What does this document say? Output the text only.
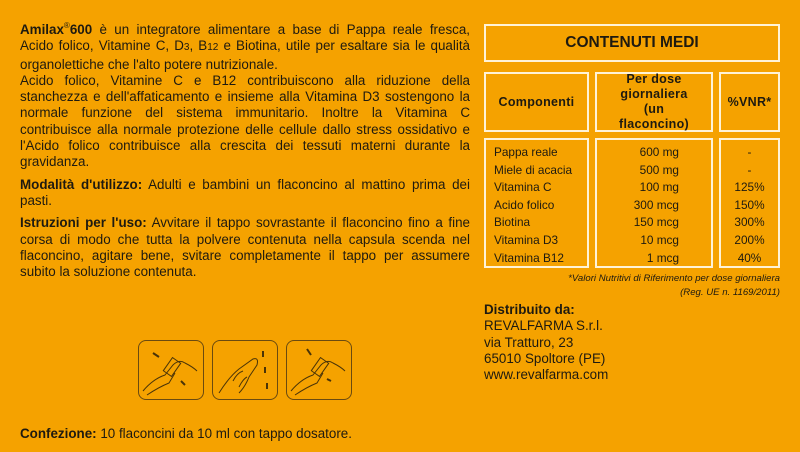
Amilax®600 è un integratore alimentare a base di Pappa reale fresca, Acido folico, Vitamine C, D3, B12 e Biotina, utile per esaltare sia le qualità organolettiche che l'alto potere nutrizionale.

Acido folico, Vitamine C e B12 contribuiscono alla riduzione della stanchezza e dell'affaticamento e insieme alla Vitamina D3 sostengono la normale funzione del sistema immunitario. Inoltre la Vitamina C contribuisce alla normale protezione delle cellule dallo stress ossidativo e l'Acido folico contribuisce alla crescita dei tessuti materni durante la gravidanza.

Modalità d'utilizzo: Adulti e bambini un flaconcino al mattino prima dei pasti.

Istruzioni per l'uso: Avvitare il tappo sovrastante il flaconcino fino a fine corsa di modo che tutta la polvere contenuta nella capsula scenda nel flaconcino, agitare bene, svitare completamente il tappo per assumere subito la soluzione contenuta.

CONTENUTI MEDI
Componenti
Per dose giornaliera (un flaconcino)
%VNR*
Pappa reale
Miele di acacia
Vitamina C
Acido folico
Biotina
Vitamina D3
Vitamina B12
600 mg
500 mg
100 mg
300 mcg
150 mcg
10 mcg
1 mcg
-
-
125%
150%
300%
200%
40%
*Valori Nutritivi di Riferimento per dose giornaliera
(Reg. UE n. 1169/2011)
Distribuito da:
REVALFARMA S.r.l.
via Tratturo, 23
65010 Spoltore (PE)
www.revalfarma.com
Confezione: 10 flaconcini da 10 ml con tappo dosatore.
